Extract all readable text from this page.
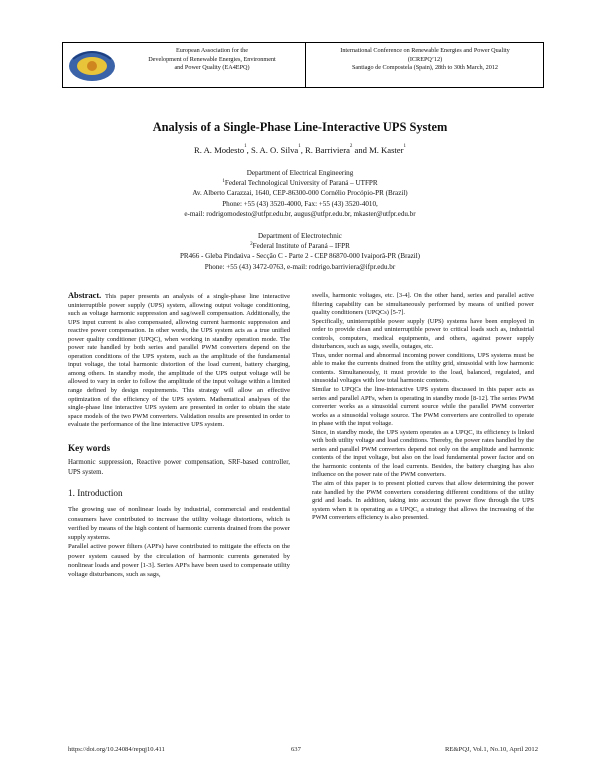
European Association for the
Development of Renewable Energies, Environment
and Power Quality (EA4EPQ)
International Conference on Renewable Energies and Power Quality
(ICREPQ’12)
Santiago de Compostela (Spain), 28th to 30th March, 2012
Analysis of a Single-Phase Line-Interactive UPS System
R. A. Modesto$^1$, S. A. O. Silva$^1$, R. Barriviera$^2$ and M. Kaster$^1$
Department of Electrical Engineering
$^1$Federal Technological University of Paraná – UTFPR
Av. Alberto Carazzai, 1640, CEP-86300-000 Cornélio Procópio-PR (Brazil)
Phone: +55 (43) 3520-4000, Fax: +55 (43) 3520-4010,
e-mail: rodrigomodesto@utfpr.edu.br, augus@utfpr.edu.br, mkaster@utfpr.edu.br
Department of Electrotechnic
$^2$Federal Institute of Paraná – IFPR
PR466 - Gleba Pindaúva - Secção C - Parte 2 - CEP 86870-000 Ivaiporã-PR (Brazil)
Phone: +55 (43) 3472-0763, e-mail: rodrigo.barriviera@ifpr.edu.br

Abstract. This paper presents an analysis of a single-phase line interactive uninterruptible power supply (UPS) system, allowing output voltage conditioning, such as voltage harmonic suppression and sag/swell compensation. Additionally, the UPS input current is also compensated, allowing current harmonic suppression and reactive power compensation. In other words, the UPS system acts as a true unified power quality conditioner (UPQC), when working in standby operation mode. The power rate handled by both series and parallel PWM converters depend on the operation conditions of the UPS system, such as the amplitude of the fundamental input voltage, the total harmonic distortion of the load current, battery charging, among others. In standby mode, the amplitude of the UPS output voltage will be allowed to vary in order to follow the amplitude of the input voltage within a limited range defined by design requirements. This strategy will allow an effective optimization of the efficiency of the UPS system. Mathematical analyses of the single-phase line interactive UPS system are presented in order to obtain the state space models of the two PWM converters. Validation results are presented in order to evaluate the performance of the line interactive UPS system.

Key words

Harmonic suppression, Reactive power compensation, SRF-based controller, UPS system.

1. Introduction

The growing use of nonlinear loads by industrial, commercial and residential consumers have contributed to increase the utility voltage distortions, which is verified by means of the high content of harmonic currents drained from the power supply systems.

Parallel active power filters (APFs) have contributed to mitigate the effects on the power system caused by the circulation of harmonic currents generated by nonlinear loads and power [1-3]. Series APFs have been used to compensate utility voltage disturbances, such as sags,

swells, harmonic voltages, etc. [3-4]. On the other hand, series and parallel active filtering capability can be simultaneously performed by means of unified power quality conditioners (UPQCs) [5-7].

Specifically, uninterruptible power supply (UPS) systems have been employed in order to provide clean and uninterruptible power to critical loads such as, industrial controls, computers, medical equipments, and others, against power supply disturbances, such as sags, swells, outages, etc.

Thus, under normal and abnormal incoming power conditions, UPS systems must be able to make the currents drained from the utility grid, sinusoidal with low harmonic contents. Simultaneously, it must provide to the load, balanced, regulated, and sinusoidal voltages with low total harmonic contents.

Similar to UPQCs the line-interactive UPS system discussed in this paper acts as series and parallel APFs, when is operating in standby mode [8-12]. The series PWM converter works as a sinusoidal current source while the parallel PWM converter works as a sinusoidal voltage source. The PWM converters are controlled to operate in phase with the input voltage.

Since, in standby mode, the UPS system operates as a UPQC, its efficiency is linked with both utility voltage and load conditions. Thereby, the power rates handled by the series and parallel PWM converters depend not only on the amplitude and harmonic contents of the input voltage, but also on the load fundamental power factor and on the harmonic contents of the load currents. Besides, the battery charging has also influence on the power rate of the PWM converters.

The aim of this paper is to present plotted curves that allow determining the power rate handled by the PWM converters considering different conditions of the utility grid and loads. In addition, taking into account the power flow through the UPS system when it is operating as a UPQC, a strategy that allows the increasing of the PWM converters efficiency is also presented.

https://doi.org/10.24084/repqj10.411	637	RE&PQJ, Vol.1, No.10, April 2012
